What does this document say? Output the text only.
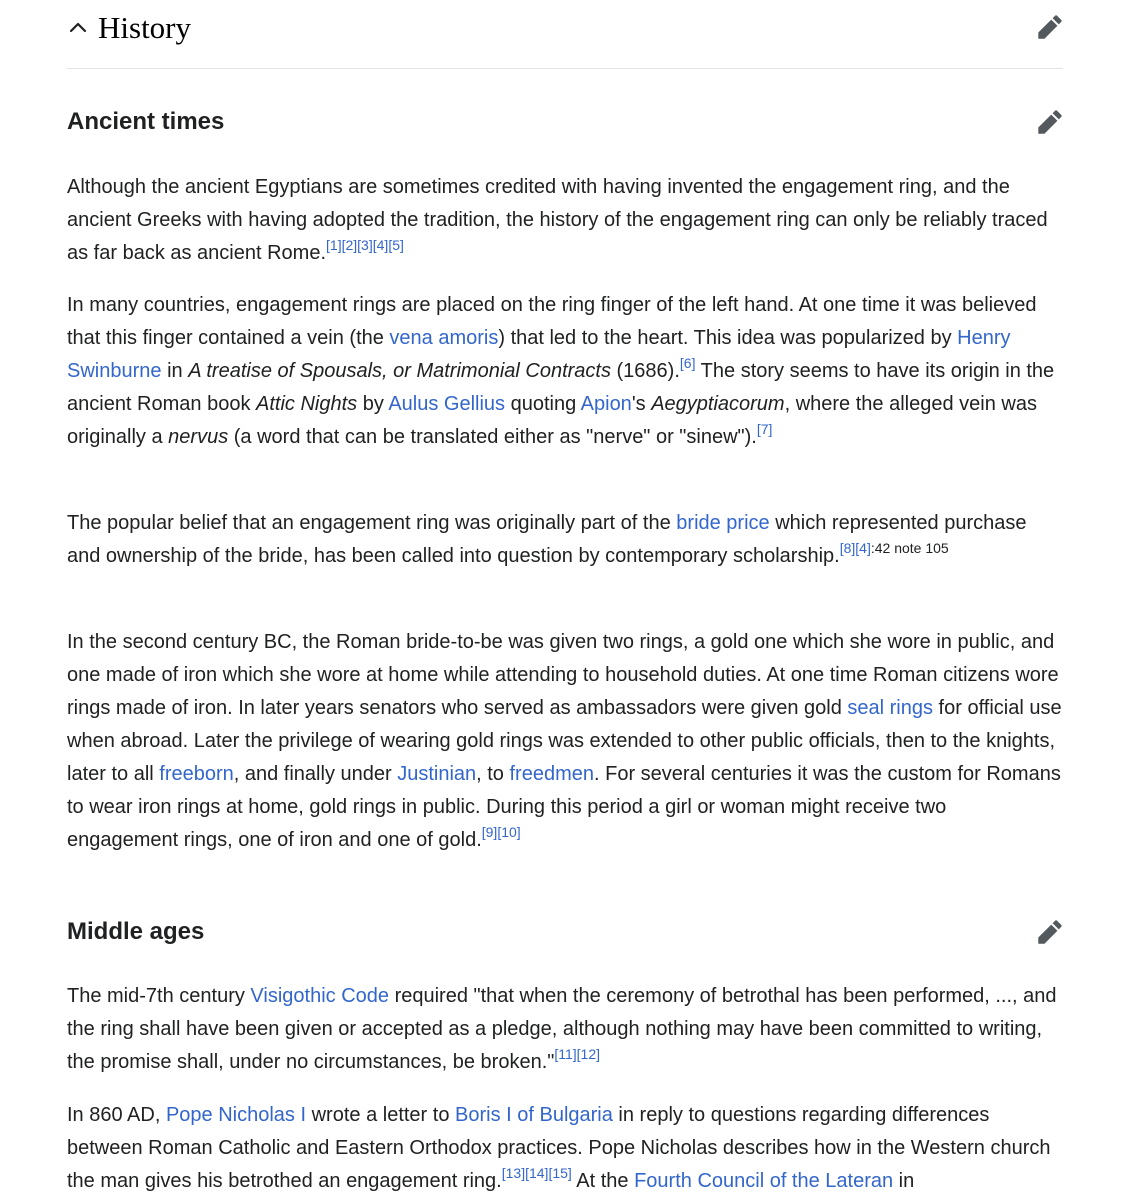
History
Ancient times

Although the ancient Egyptians are sometimes credited with having invented the engagement ring, and the ancient Greeks with having adopted the tradition, the history of the engagement ring can only be reliably traced as far back as ancient Rome.[1][2][3][4][5]

In many countries, engagement rings are placed on the ring finger of the left hand. At one time it was believed that this finger contained a vein (the vena amoris) that led to the heart. This idea was popularized by Henry Swinburne in A treatise of Spousals, or Matrimonial Contracts (1686).[6] The story seems to have its origin in the ancient Roman book Attic Nights by Aulus Gellius quoting Apion's Aegyptiacorum, where the alleged vein was originally a nervus (a word that can be translated either as "nerve" or "sinew").[7]

The popular belief that an engagement ring was originally part of the bride price which represented purchase and ownership of the bride, has been called into question by contemporary scholarship.$^{[8][4]:42 note 105}$

In the second century BC, the Roman bride-to-be was given two rings, a gold one which she wore in public, and one made of iron which she wore at home while attending to household duties. At one time Roman citizens wore rings made of iron. In later years senators who served as ambassadors were given gold seal rings for official use when abroad. Later the privilege of wearing gold rings was extended to other public officials, then to the knights, later to all freeborn, and finally under Justinian, to freedmen. For several centuries it was the custom for Romans to wear iron rings at home, gold rings in public. During this period a girl or woman might receive two engagement rings, one of iron and one of gold.[9][10]

Middle ages

The mid-7th century Visigothic Code required "that when the ceremony of betrothal has been performed, ..., and the ring shall have been given or accepted as a pledge, although nothing may have been committed to writing, the promise shall, under no circumstances, be broken."[11][12]

In 860 AD, Pope Nicholas I wrote a letter to Boris I of Bulgaria in reply to questions regarding differences between Roman Catholic and Eastern Orthodox practices. Pope Nicholas describes how in the Western church the man gives his betrothed an engagement ring.[13][14][15] At the Fourth Council of the Lateran in
